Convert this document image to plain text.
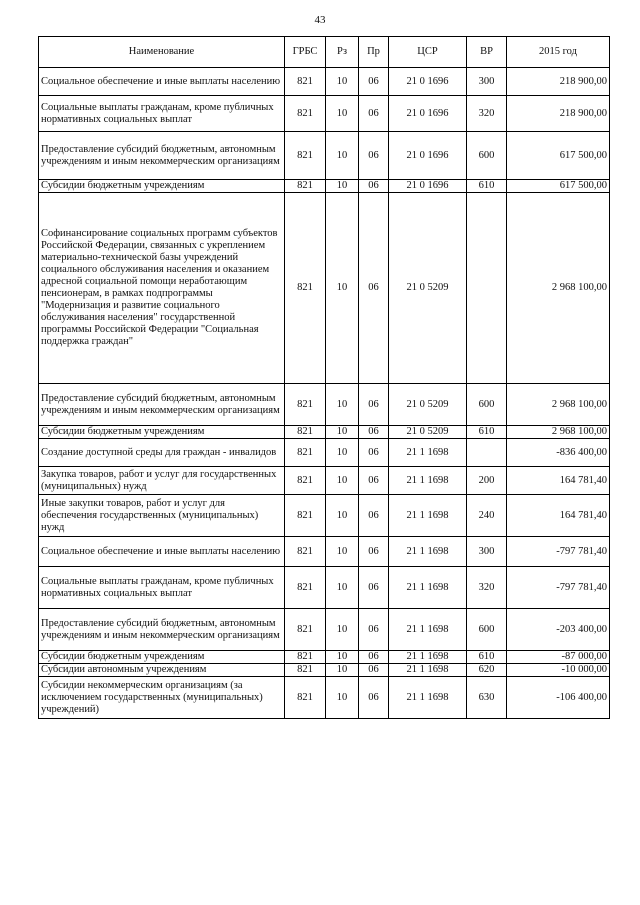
43
Наименование	ГРБС	Рз	Пр	ЦСР	ВР	2015 год
Социальное обеспечение и иные выплаты населению	821	10	06	21 0 1696	300	218 900,00
Социальные выплаты гражданам, кроме публичных нормативных социальных выплат	821	10	06	21 0 1696	320	218 900,00
Предоставление субсидий бюджетным, автономным учреждениям и иным некоммерческим организациям	821	10	06	21 0 1696	600	617 500,00
Субсидии бюджетным учреждениям	821	10	06	21 0 1696	610	617 500,00
Софинансирование социальных программ субъектов Российской Федерации, связанных с укреплением материально-технической базы учреждений социального обслуживания населения и оказанием адресной социальной помощи неработающим пенсионерам, в рамках подпрограммы "Модернизация и развитие социального обслуживания населения" государственной программы Российской Федерации "Социальная поддержка граждан"	821	10	06	21 0 5209		2 968 100,00
Предоставление субсидий бюджетным, автономным учреждениям и иным некоммерческим организациям	821	10	06	21 0 5209	600	2 968 100,00
Субсидии бюджетным учреждениям	821	10	06	21 0 5209	610	2 968 100,00
Создание доступной среды для граждан - инвалидов	821	10	06	21 1 1698		-836 400,00
Закупка товаров, работ и услуг для государственных (муниципальных) нужд	821	10	06	21 1 1698	200	164 781,40
Иные закупки товаров, работ и услуг для обеспечения государственных (муниципальных) нужд	821	10	06	21 1 1698	240	164 781,40
Социальное обеспечение и иные выплаты населению	821	10	06	21 1 1698	300	-797 781,40
Социальные выплаты гражданам, кроме публичных нормативных социальных выплат	821	10	06	21 1 1698	320	-797 781,40
Предоставление субсидий бюджетным, автономным учреждениям и иным некоммерческим организациям	821	10	06	21 1 1698	600	-203 400,00
Субсидии бюджетным учреждениям	821	10	06	21 1 1698	610	-87 000,00
Субсидии автономным учреждениям	821	10	06	21 1 1698	620	-10 000,00
Субсидии некоммерческим организациям (за исключением государственных (муниципальных) учреждений)	821	10	06	21 1 1698	630	-106 400,00
